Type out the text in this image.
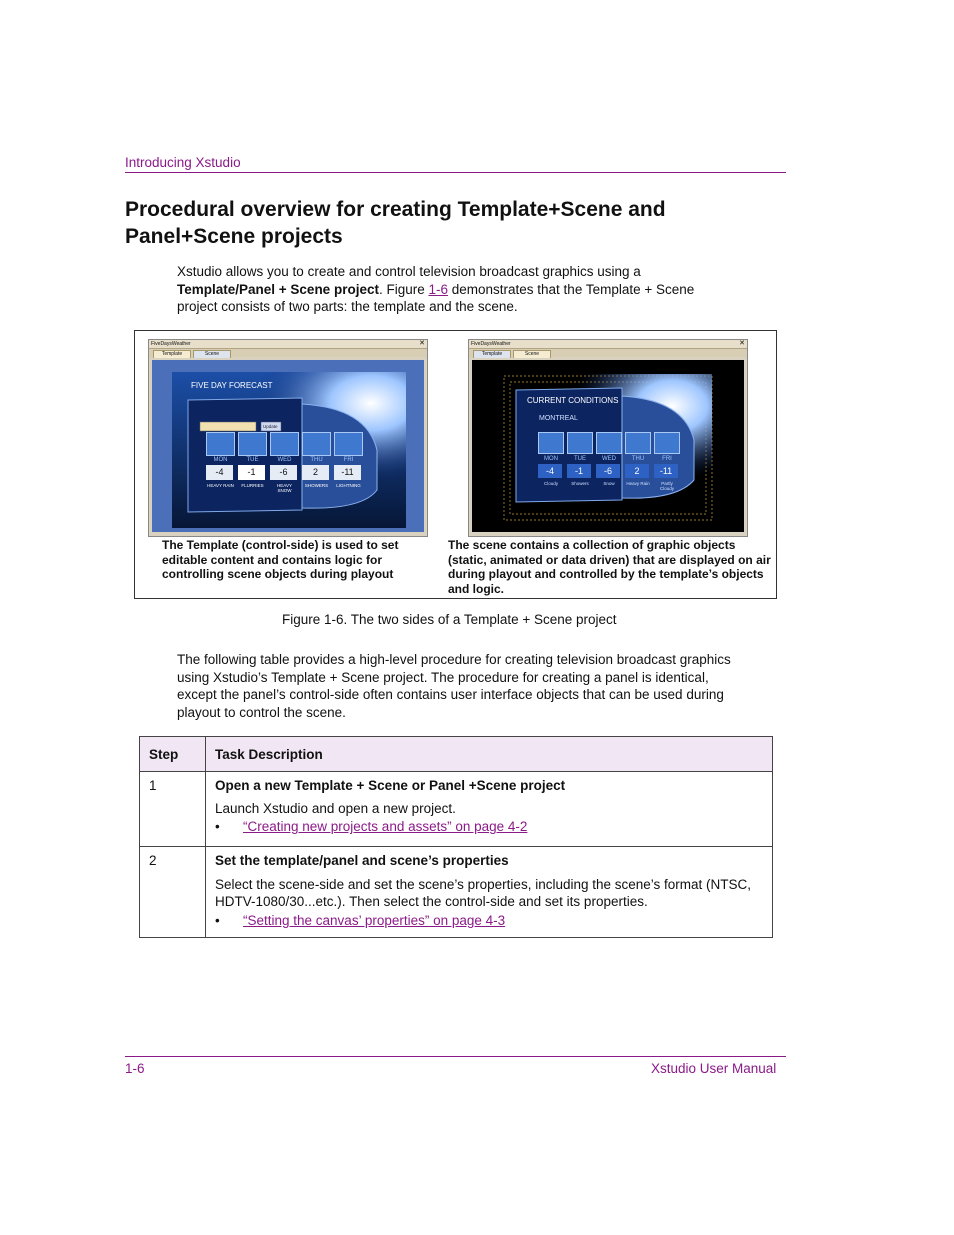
Introducing Xstudio
Procedural overview for creating Template+Scene and Panel+Scene projects
Xstudio allows you to create and control television broadcast graphics using a Template/Panel + Scene project. Figure 1-6 demonstrates that the Template + Scene project consists of two parts: the template and the scene.
FiveDaysWeather	✕
Template	Scene
FIVE DAY FORECAST
Update
MON	TUE	WED	THU	FRI
-4	-1	-6	2	-11
HEAVY RAIN	FLURRIES	HEAVY SNOW
SHOWERS	LIGHTNING
FiveDaysWeather	✕
Template	Scene
CURRENT CONDITIONS
MONTREAL
MON	TUE	WED	THU	FRI
-4	-1	-6	2	-11
Cloudy	Showers	Snow	Heavy Rain	Partly Cloudy
The Template (control-side) is used to set editable content and contains logic for controlling scene objects during playout
The scene contains a collection of graphic objects (static, animated or data driven) that are displayed on air during playout and controlled by the template’s objects and logic.
Figure 1-6. The two sides of a Template + Scene project
The following table provides a high-level procedure for creating television broadcast graphics using Xstudio’s Template + Scene project. The procedure for creating a panel is identical, except the panel’s control-side often contains user interface objects that can be used during playout to control the scene.
Step	Task Description
1	Open a new Template + Scene or Panel +Scene project
Launch Xstudio and open a new project.
• “Creating new projects and assets” on page 4-2

2	Set the template/panel and scene’s properties
Select the scene-side and set the scene’s properties, including the scene’s format (NTSC, HDTV-1080/30...etc.). Then select the control-side and set its properties.
• “Setting the canvas’ properties” on page 4-3
1-6	Xstudio User Manual
